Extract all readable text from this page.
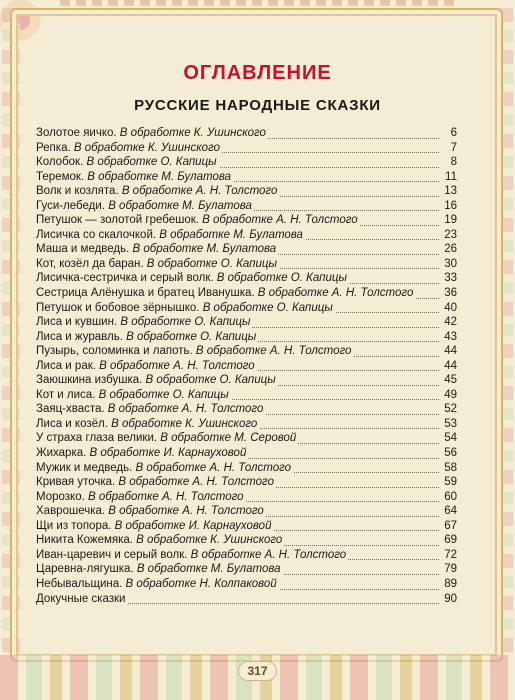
ОГЛАВЛЕНИЕ
РУССКИЕ НАРОДНЫЕ СКАЗКИ
Золотое яичко. В обработке К. Ушинского	6
Репка. В обработке К. Ушинского	7
Колобок. В обработке О. Капицы	8
Теремок. В обработке М. Булатова	11
Волк и козлята. В обработке А. Н. Толстого	13
Гуси-лебеди. В обработке М. Булатова	16
Петушок — золотой гребешок. В обработке А. Н. Толстого	19
Лисичка со скалочкой. В обработке М. Булатова	23
Маша и медведь. В обработке М. Булатова	26
Кот, козёл да баран. В обработке О. Капицы	30
Лисичка-сестричка и серый волк. В обработке О. Капицы	33
Сестрица Алёнушка и братец Иванушка. В обработке А. Н. Толстого	36
Петушок и бобовое зёрнышко. В обработке О. Капицы	40
Лиса и кувшин. В обработке О. Капицы	42
Лиса и журавль. В обработке О. Капицы	43
Пузырь, соломинка и лапоть. В обработке А. Н. Толстого	44
Лиса и рак. В обработке А. Н. Толстого	44
Заюшкина избушка. В обработке О. Капицы	45
Кот и лиса. В обработке О. Капицы	49
Заяц-хваста. В обработке А. Н. Толстого	52
Лиса и козёл. В обработке К. Ушинского	53
У страха глаза велики. В обработке М. Серовой	54
Жихарка. В обработке И. Карнауховой	56
Мужик и медведь. В обработке А. Н. Толстого	58
Кривая уточка. В обработке А. Н. Толстого	59
Морозко. В обработке А. Н. Толстого	60
Хаврошечка. В обработке А. Н. Толстого	64
Щи из топора. В обработке И. Карнауховой	67
Никита Кожемяка. В обработке К. Ушинского	69
Иван-царевич и серый волк. В обработке А. Н. Толстого	72
Царевна-лягушка. В обработке М. Булатова	79
Небывальщина. В обработке Н. Колпаковой	89
Докучные сказки	90
317
